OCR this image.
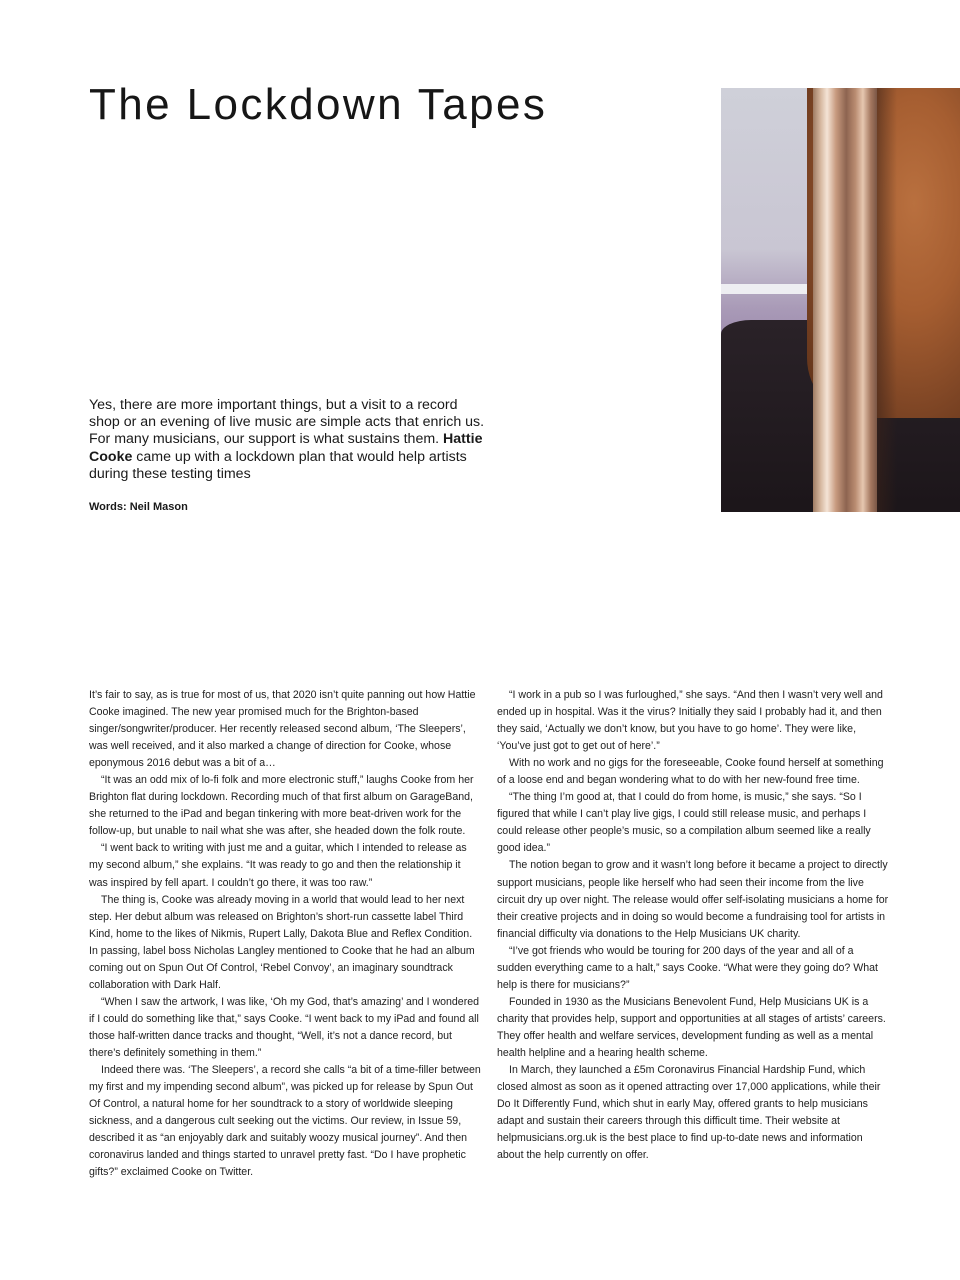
The Lockdown Tapes

Yes, there are more important things, but a visit to a record shop or an evening of live music are simple acts that enrich us. For many musicians, our support is what sustains them. Hattie Cooke came up with a lockdown plan that would help artists during these testing times

Words: Neil Mason

It’s fair to say, as is true for most of us, that 2020 isn’t quite panning out how Hattie Cooke imagined. The new year promised much for the Brighton-based singer/songwriter/producer. Her recently released second album, ‘The Sleepers’, was well received, and it also marked a change of direction for Cooke, whose eponymous 2016 debut was a bit of a…

“It was an odd mix of lo-fi folk and more electronic stuff,” laughs Cooke from her Brighton flat during lockdown. Recording much of that first album on GarageBand, she returned to the iPad and began tinkering with more beat-driven work for the follow-up, but unable to nail what she was after, she headed down the folk route.

“I went back to writing with just me and a guitar, which I intended to release as my second album,” she explains. “It was ready to go and then the relationship it was inspired by fell apart. I couldn’t go there, it was too raw.”

The thing is, Cooke was already moving in a world that would lead to her next step. Her debut album was released on Brighton’s short-run cassette label Third Kind, home to the likes of Nikmis, Rupert Lally, Dakota Blue and Reflex Condition. In passing, label boss Nicholas Langley mentioned to Cooke that he had an album coming out on Spun Out Of Control, ‘Rebel Convoy’, an imaginary soundtrack collaboration with Dark Half.

“When I saw the artwork, I was like, ‘Oh my God, that’s amazing’ and I wondered if I could do something like that,” says Cooke. “I went back to my iPad and found all those half-written dance tracks and thought, “Well, it’s not a dance record, but there’s definitely something in them.”

Indeed there was. ‘The Sleepers’, a record she calls “a bit of a time-filler between my first and my impending second album”, was picked up for release by Spun Out Of Control, a natural home for her soundtrack to a story of worldwide sleeping sickness, and a dangerous cult seeking out the victims. Our review, in Issue 59, described it as “an enjoyably dark and suitably woozy musical journey”. And then coronavirus landed and things started to unravel pretty fast. “Do I have prophetic gifts?” exclaimed Cooke on Twitter.

“I work in a pub so I was furloughed,” she says. “And then I wasn’t very well and ended up in hospital. Was it the virus? Initially they said I probably had it, and then they said, ‘Actually we don’t know, but you have to go home’. They were like, ‘You’ve just got to get out of here’.”

With no work and no gigs for the foreseeable, Cooke found herself at something of a loose end and began wondering what to do with her new-found free time.

“The thing I’m good at, that I could do from home, is music,” she says. “So I figured that while I can’t play live gigs, I could still release music, and perhaps I could release other people’s music, so a compilation album seemed like a really good idea.”

The notion began to grow and it wasn’t long before it became a project to directly support musicians, people like herself who had seen their income from the live circuit dry up over night. The release would offer self-isolating musicians a home for their creative projects and in doing so would become a fundraising tool for artists in financial difficulty via donations to the Help Musicians UK charity.

“I’ve got friends who would be touring for 200 days of the year and all of a sudden everything came to a halt,” says Cooke. “What were they going do? What help is there for musicians?”

Founded in 1930 as the Musicians Benevolent Fund, Help Musicians UK is a charity that provides help, support and opportunities at all stages of artists’ careers. They offer health and welfare services, development funding as well as a mental health helpline and a hearing health scheme.

In March, they launched a £5m Coronavirus Financial Hardship Fund, which closed almost as soon as it opened attracting over 17,000 applications, while their Do It Differently Fund, which shut in early May, offered grants to help musicians adapt and sustain their careers through this difficult time. Their website at helpmusicians.org.uk is the best place to find up-to-date news and information about the help currently on offer.
